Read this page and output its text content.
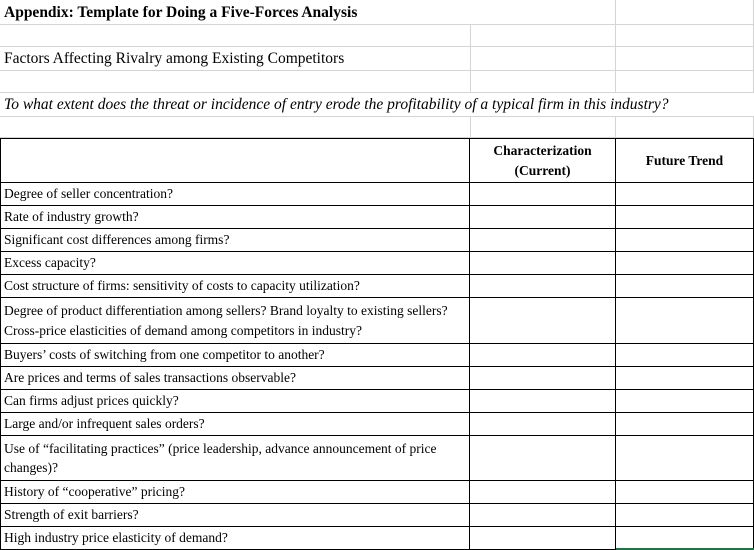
Appendix: Template for Doing a Five-Forces Analysis
Factors Affecting Rivalry among Existing Competitors
To what extent does the threat or incidence of entry erode the profitability of a typical firm in this industry?
Characterization
(Current)
Future Trend
Degree of seller concentration?
Rate of industry growth?
Significant cost differences among firms?
Excess capacity?
Cost structure of firms: sensitivity of costs to capacity utilization?
Degree of product differentiation among sellers? Brand loyalty to existing sellers? Cross-price elasticities of demand among competitors in industry?
Buyers’ costs of switching from one competitor to another?
Are prices and terms of sales transactions observable?
Can firms adjust prices quickly?
Large and/or infrequent sales orders?
Use of “facilitating practices” (price leadership, advance announcement of price changes)?
History of “cooperative” pricing?
Strength of exit barriers?
High industry price elasticity of demand?
